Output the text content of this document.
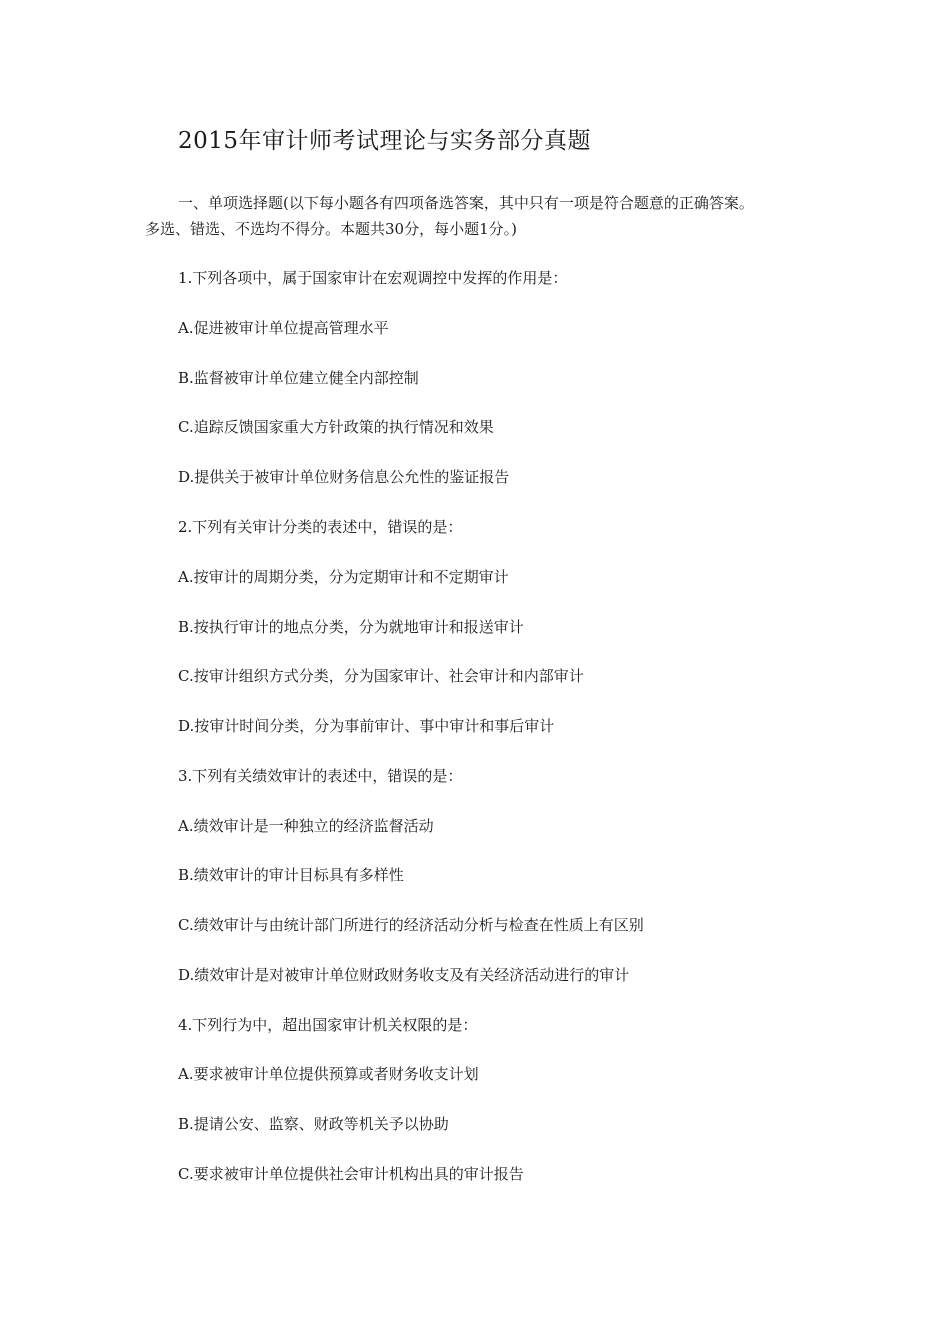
2015年审计师考试理论与实务部分真题
一、单项选择题(以下每小题各有四项备选答案，其中只有一项是符合题意的正确答案。
多选、错选、不选均不得分。本题共30分，每小题1分。)
1.下列各项中，属于国家审计在宏观调控中发挥的作用是：
A.促进被审计单位提高管理水平
B.监督被审计单位建立健全内部控制
C.追踪反馈国家重大方针政策的执行情况和效果
D.提供关于被审计单位财务信息公允性的鉴证报告
2.下列有关审计分类的表述中，错误的是：
A.按审计的周期分类，分为定期审计和不定期审计
B.按执行审计的地点分类，分为就地审计和报送审计
C.按审计组织方式分类，分为国家审计、社会审计和内部审计
D.按审计时间分类，分为事前审计、事中审计和事后审计
3.下列有关绩效审计的表述中，错误的是：
A.绩效审计是一种独立的经济监督活动
B.绩效审计的审计目标具有多样性
C.绩效审计与由统计部门所进行的经济活动分析与检查在性质上有区别
D.绩效审计是对被审计单位财政财务收支及有关经济活动进行的审计
4.下列行为中，超出国家审计机关权限的是：
A.要求被审计单位提供预算或者财务收支计划
B.提请公安、监察、财政等机关予以协助
C.要求被审计单位提供社会审计机构出具的审计报告
